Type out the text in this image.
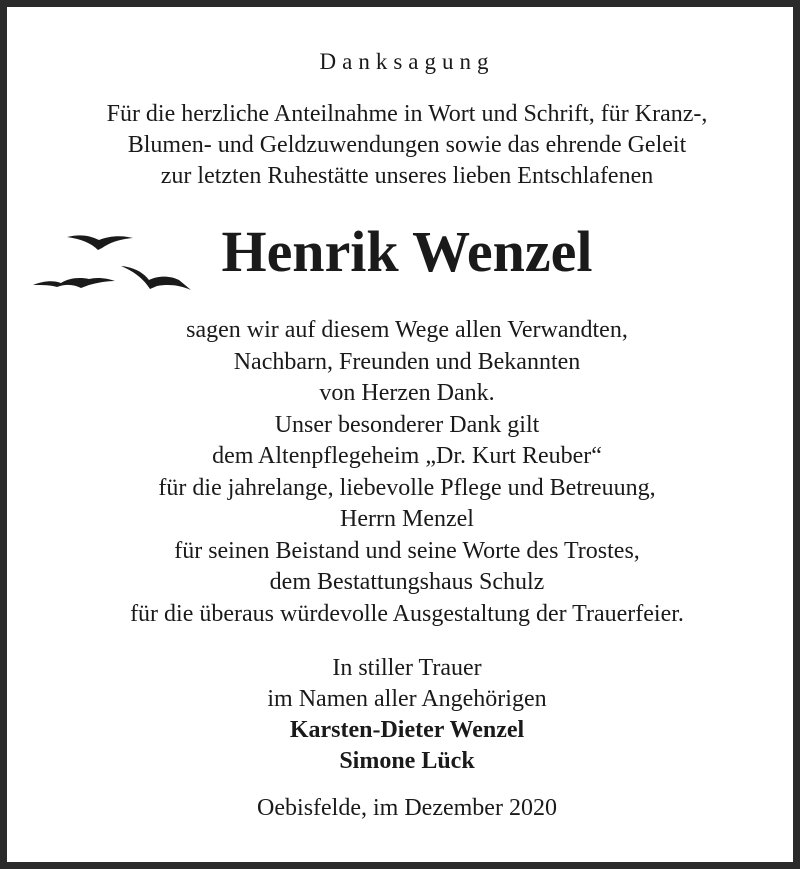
Danksagung
Für die herzliche Anteilnahme in Wort und Schrift, für Kranz-,
Blumen- und Geldzuwendungen sowie das ehrende Geleit
zur letzten Ruhestätte unseres lieben Entschlafenen
Henrik Wenzel
sagen wir auf diesem Wege allen Verwandten,
Nachbarn, Freunden und Bekannten
von Herzen Dank.
Unser besonderer Dank gilt
dem Altenpflegeheim „Dr. Kurt Reuber“
für die jahrelange, liebevolle Pflege und Betreuung,
Herrn Menzel
für seinen Beistand und seine Worte des Trostes,
dem Bestattungshaus Schulz
für die überaus würdevolle Ausgestaltung der Trauerfeier.
In stiller Trauer
im Namen aller Angehörigen
Karsten-Dieter Wenzel
Simone Lück
Oebisfelde, im Dezember 2020
